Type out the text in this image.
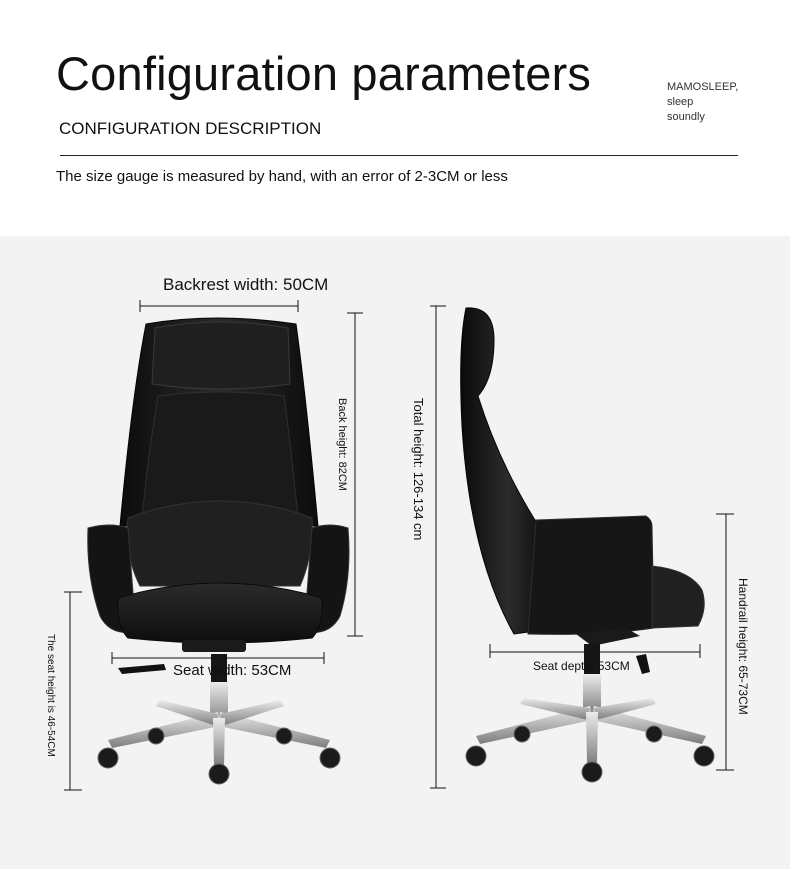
Configuration parameters	MAMOSLEEP,
sleep
soundly
CONFIGURATION DESCRIPTION
The size gauge is measured by hand, with an error of 2-3CM or less
Backrest width: 50CM
Back height: 82CM
Seat width: 53CM
The seat height is 46-54CM
Total height: 126-134 cm
Seat depth: 53CM	Handrail height: 65-73CM
